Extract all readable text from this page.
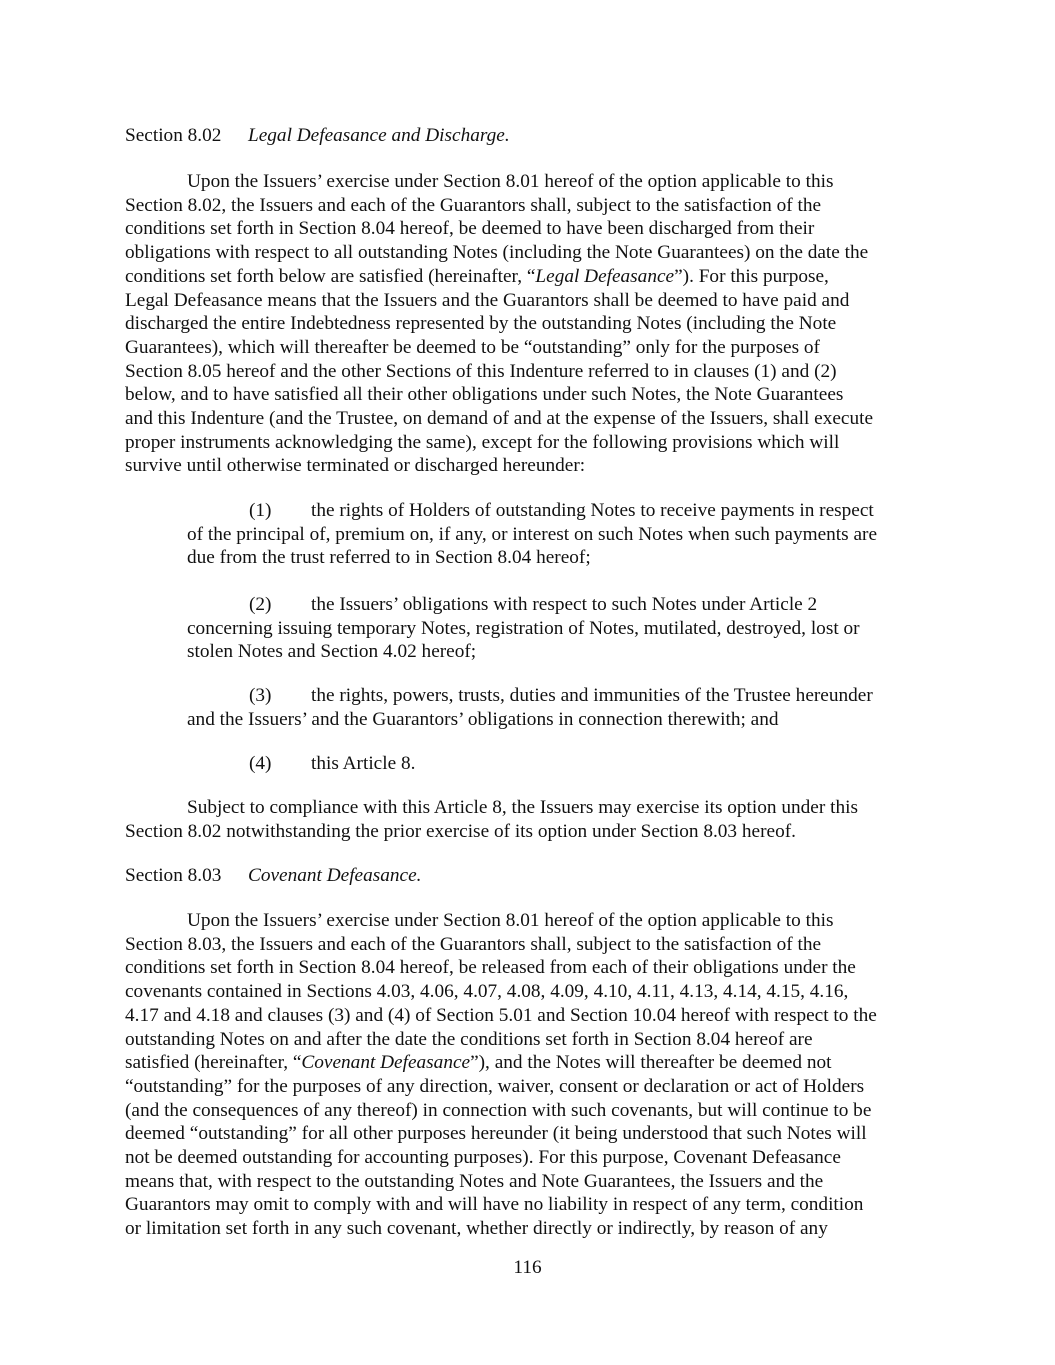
Section 8.02 Legal Defeasance and Discharge.

Upon the Issuers’ exercise under Section 8.01 hereof of the option applicable to this
Section 8.02, the Issuers and each of the Guarantors shall, subject to the satisfaction of the
conditions set forth in Section 8.04 hereof, be deemed to have been discharged from their
obligations with respect to all outstanding Notes (including the Note Guarantees) on the date the
conditions set forth below are satisfied (hereinafter, “Legal Defeasance”). For this purpose,
Legal Defeasance means that the Issuers and the Guarantors shall be deemed to have paid and
discharged the entire Indebtedness represented by the outstanding Notes (including the Note
Guarantees), which will thereafter be deemed to be “outstanding” only for the purposes of
Section 8.05 hereof and the other Sections of this Indenture referred to in clauses (1) and (2)
below, and to have satisfied all their other obligations under such Notes, the Note Guarantees
and this Indenture (and the Trustee, on demand of and at the expense of the Issuers, shall execute
proper instruments acknowledging the same), except for the following provisions which will
survive until otherwise terminated or discharged hereunder:
(1) the rights of Holders of outstanding Notes to receive payments in respect
of the principal of, premium on, if any, or interest on such Notes when such payments are
due from the trust referred to in Section 8.04 hereof;
(2) the Issuers’ obligations with respect to such Notes under Article 2
concerning issuing temporary Notes, registration of Notes, mutilated, destroyed, lost or
stolen Notes and Section 4.02 hereof;
(3) the rights, powers, trusts, duties and immunities of the Trustee hereunder
and the Issuers’ and the Guarantors’ obligations in connection therewith; and
(4) this Article 8.
Subject to compliance with this Article 8, the Issuers may exercise its option under this
Section 8.02 notwithstanding the prior exercise of its option under Section 8.03 hereof.

Section 8.03 Covenant Defeasance.

Upon the Issuers’ exercise under Section 8.01 hereof of the option applicable to this
Section 8.03, the Issuers and each of the Guarantors shall, subject to the satisfaction of the
conditions set forth in Section 8.04 hereof, be released from each of their obligations under the
covenants contained in Sections 4.03, 4.06, 4.07, 4.08, 4.09, 4.10, 4.11, 4.13, 4.14, 4.15, 4.16,
4.17 and 4.18 and clauses (3) and (4) of Section 5.01 and Section 10.04 hereof with respect to the
outstanding Notes on and after the date the conditions set forth in Section 8.04 hereof are
satisfied (hereinafter, “Covenant Defeasance”), and the Notes will thereafter be deemed not
“outstanding” for the purposes of any direction, waiver, consent or declaration or act of Holders
(and the consequences of any thereof) in connection with such covenants, but will continue to be
deemed “outstanding” for all other purposes hereunder (it being understood that such Notes will
not be deemed outstanding for accounting purposes). For this purpose, Covenant Defeasance
means that, with respect to the outstanding Notes and Note Guarantees, the Issuers and the
Guarantors may omit to comply with and will have no liability in respect of any term, condition
or limitation set forth in any such covenant, whether directly or indirectly, by reason of any
116
